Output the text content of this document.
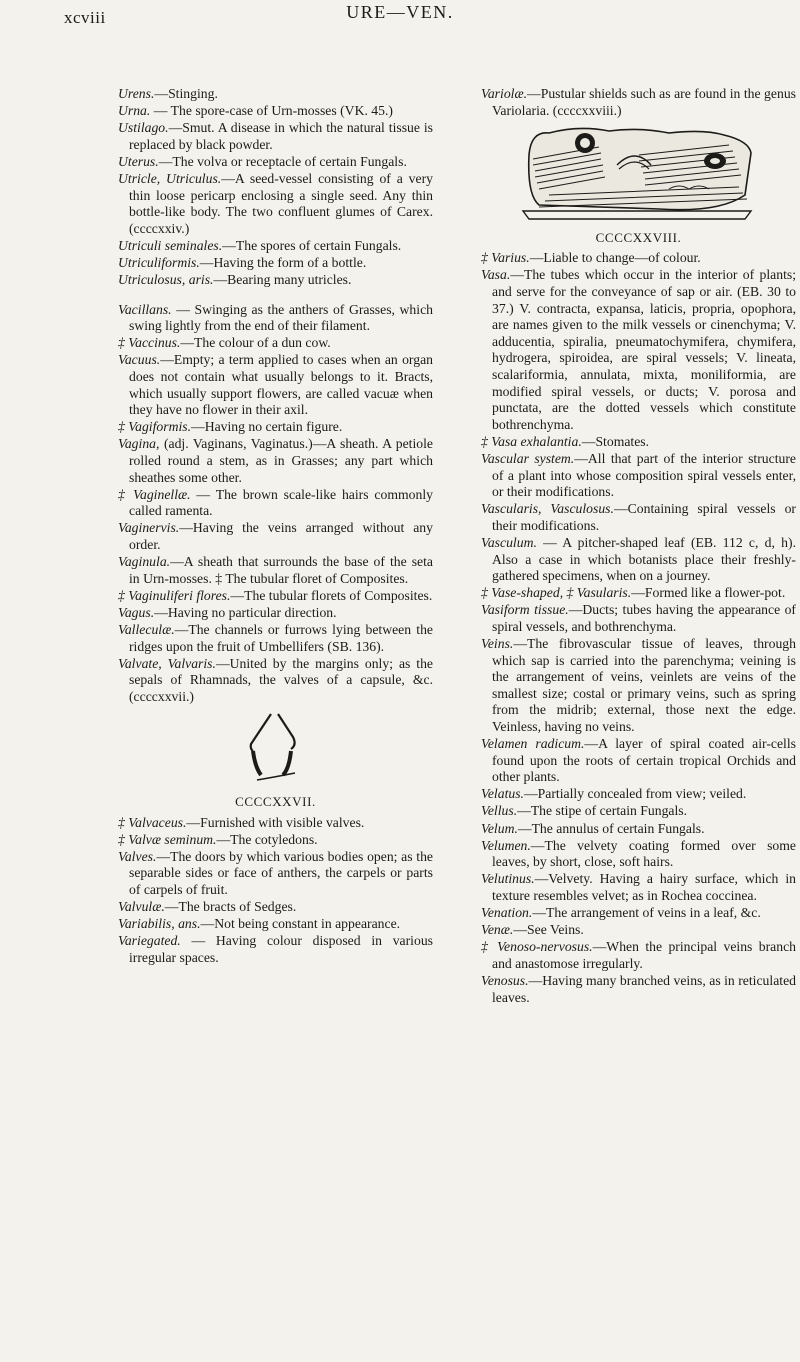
xcviii	URE—VEN.
Urens.—Stinging.
Urna. — The spore-case of Urn-mosses (VK. 45.)
Ustilago.—Smut. A disease in which the natural tissue is replaced by black powder.
Uterus.—The volva or receptacle of certain Fungals.
Utricle, Utriculus.—A seed-vessel consisting of a very thin loose pericarp enclosing a single seed. Any thin bottle-like body. The two confluent glumes of Carex. (ccccxxiv.)
Utriculi seminales.—The spores of certain Fungals.
Utriculiformis.—Having the form of a bottle.
Utriculosus, aris.—Bearing many utricles.
Vacillans. — Swinging as the anthers of Grasses, which swing lightly from the end of their filament.
‡ Vaccinus.—The colour of a dun cow.
Vacuus.—Empty; a term applied to cases when an organ does not contain what usually belongs to it. Bracts, which usually support flowers, are called vacuæ when they have no flower in their axil.
‡ Vagiformis.—Having no certain figure.
Vagina, (adj. Vaginans, Vaginatus.)—A sheath. A petiole rolled round a stem, as in Grasses; any part which sheathes some other.
‡ Vaginellæ. — The brown scale-like hairs commonly called ramenta.
Vaginervis.—Having the veins arranged without any order.
Vaginula.—A sheath that surrounds the base of the seta in Urn-mosses. ‡ The tubular floret of Composites.
‡ Vaginuliferi flores.—The tubular florets of Composites.
Vagus.—Having no particular direction.
Valleculæ.—The channels or furrows lying between the ridges upon the fruit of Umbellifers (SB. 136).
Valvate, Valvaris.—United by the margins only; as the sepals of Rhamnads, the valves of a capsule, &c. (ccccxxvii.)
CCCCXXVII.
‡ Valvaceus.—Furnished with visible valves.
‡ Valvæ seminum.—The cotyledons.
Valves.—The doors by which various bodies open; as the separable sides or face of anthers, the carpels or parts of carpels of fruit.
Valvulæ.—The bracts of Sedges.
Variabilis, ans.—Not being constant in appearance.
Variegated. — Having colour disposed in various irregular spaces.
Variolæ.—Pustular shields such as are found in the genus Variolaria. (ccccxxviii.)
CCCCXXVIII.
‡ Varius.—Liable to change—of colour.
Vasa.—The tubes which occur in the interior of plants; and serve for the conveyance of sap or air. (EB. 30 to 37.) V. contracta, expansa, laticis, propria, opophora, are names given to the milk vessels or cinenchyma; V. adducentia, spiralia, pneumatochymifera, chymifera, hydrogera, spiroidea, are spiral vessels; V. lineata, scalariformia, annulata, mixta, moniliformia, are modified spiral vessels, or ducts; V. porosa and punctata, are the dotted vessels which constitute bothrenchyma.
‡ Vasa exhalantia.—Stomates.
Vascular system.—All that part of the interior structure of a plant into whose composition spiral vessels enter, or their modifications.
Vascularis, Vasculosus.—Containing spiral vessels or their modifications.
Vasculum. — A pitcher-shaped leaf (EB. 112 c, d, h). Also a case in which botanists place their freshly-gathered specimens, when on a journey.
‡ Vase-shaped, ‡ Vasularis.—Formed like a flower-pot.
Vasiform tissue.—Ducts; tubes having the appearance of spiral vessels, and bothrenchyma.
Veins.—The fibrovascular tissue of leaves, through which sap is carried into the parenchyma; veining is the arrangement of veins, veinlets are veins of the smallest size; costal or primary veins, such as spring from the midrib; external, those next the edge. Veinless, having no veins.
Velamen radicum.—A layer of spiral coated air-cells found upon the roots of certain tropical Orchids and other plants.
Velatus.—Partially concealed from view; veiled.
Vellus.—The stipe of certain Fungals.
Velum.—The annulus of certain Fungals.
Velumen.—The velvety coating formed over some leaves, by short, close, soft hairs.
Velutinus.—Velvety. Having a hairy surface, which in texture resembles velvet; as in Rochea coccinea.
Venation.—The arrangement of veins in a leaf, &c.
Venæ.—See Veins.
‡ Venoso-nervosus.—When the principal veins branch and anastomose irregularly.
Venosus.—Having many branched veins, as in reticulated leaves.
